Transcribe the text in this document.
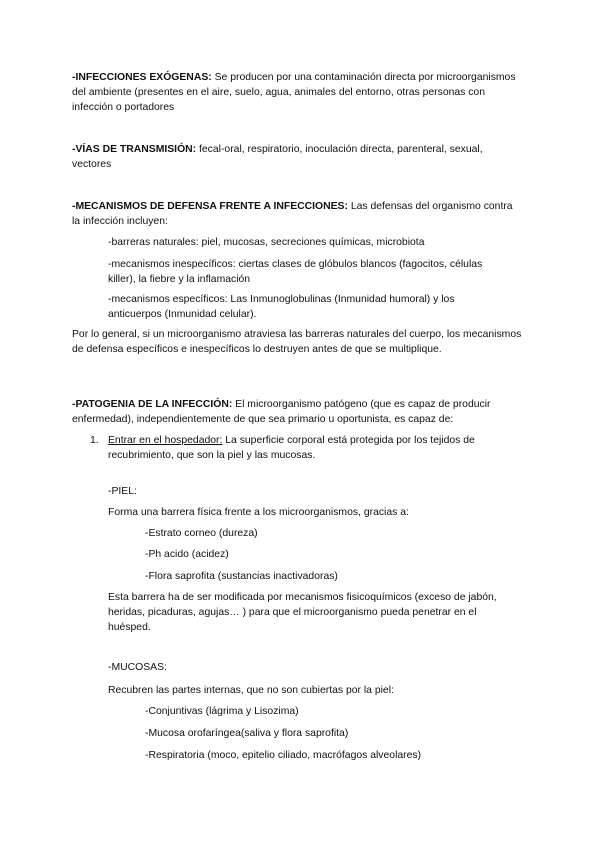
-INFECCIONES EXÓGENAS: Se producen por una contaminación directa por microorganismos del ambiente (presentes en el aire, suelo, agua, animales del entorno, otras personas con infección o portadores

-VÍAS DE TRANSMISIÓN: fecal-oral, respiratorio, inoculación directa, parenteral, sexual, vectores

-MECANISMOS DE DEFENSA FRENTE A INFECCIONES: Las defensas del organismo contra la infección incluyen:

-barreras naturales: piel, mucosas, secreciones químicas, microbiota

-mecanismos inespecíficos: ciertas clases de glóbulos blancos (fagocitos, células killer), la fiebre y la inflamación

-mecanismos específicos: Las Inmunoglobulinas (Inmunidad humoral) y los anticuerpos (Inmunidad celular).

Por lo general, si un microorganismo atraviesa las barreras naturales del cuerpo, los mecanismos de defensa específicos e inespecíficos lo destruyen antes de que se multiplique.

-PATOGENIA DE LA INFECCIÓN: El microorganismo patógeno (que es capaz de producir enfermedad), independientemente de que sea primario u oportunista, es capaz de:

1. Entrar en el hospedador: La superficie corporal está protegida por los tejidos de recubrimiento, que son la piel y las mucosas.

-PIEL:

Forma una barrera física frente a los microorganismos, gracias a:

-Estrato corneo (dureza)

-Ph acido (acidez)

-Flora saprofita (sustancias inactivadoras)

Esta barrera ha de ser modificada por mecanismos fisicoquímicos (exceso de jabón, heridas, picaduras, agujas… ) para que el microorganismo pueda penetrar en el huésped.

-MUCOSAS:

Recubren las partes internas, que no son cubiertas por la piel:

-Conjuntivas (lágrima y Lisozima)

-Mucosa orofaríngea(saliva y flora saprofita)

-Respiratoria (moco, epitelio ciliado, macrófagos alveolares)
